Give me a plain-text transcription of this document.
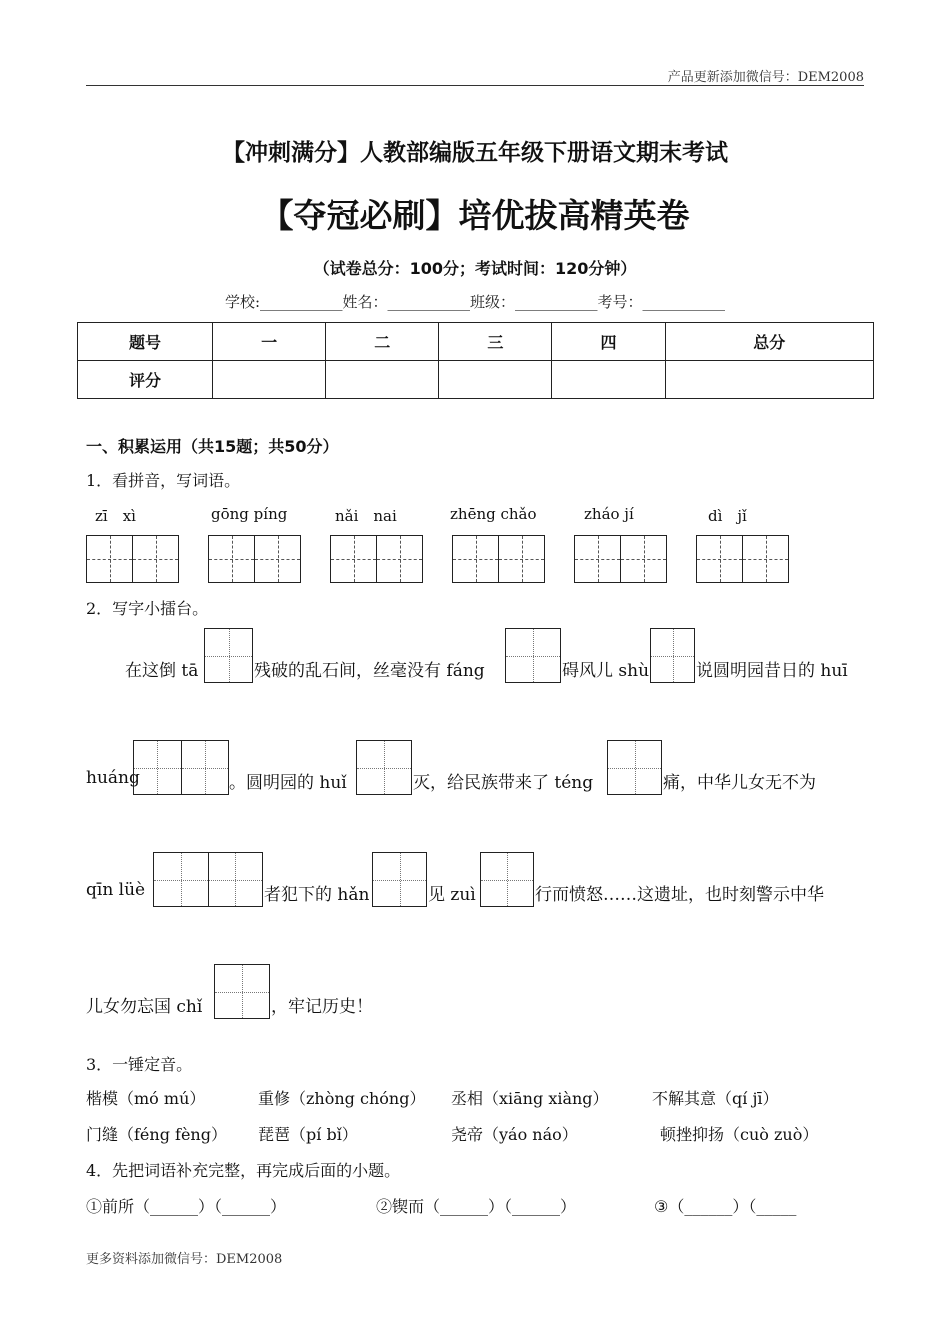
产品更新添加微信号：DEM2008
【冲刺满分】人教部编版五年级下册语文期末考试
【夺冠必刷】培优拔高精英卷
（试卷总分：100分；考试时间：120分钟）
学校:___________姓名：___________班级：___________考号：___________
题号	一	二	三	四	总分
评分					
一、积累运用（共15题；共50分）
1．看拼音，写词语。
zī　xì	gōng píng	nǎi　nai	zhēng chǎo	zháo jí	dì　jǐ
2．写字小擂台。
在这倒 tā	残破的乱石间，丝毫没有 fáng	碍风儿 shù	说圆明园昔日的 huī
huáng	。圆明园的 huǐ	灭，给民族带来了 téng	痛，中华儿女无不为
qīn lüè	者犯下的 hǎn	见 zuì	行而愤怒……这遗址，也时刻警示中华
儿女勿忘国 chǐ	，牢记历史！
3．一锤定音。
楷模（mó mú）	重修（zhòng chóng） 丞相（xiāng xiàng）	不解其意（qí jī）
门缝（féng fèng） 琵琶（pí bǐ）	尧帝（yáo náo）	顿挫抑扬（cuò zuò）
4．先把词语补充完整，再完成后面的小题。
①前所（______）（______）	②锲而（______）（______）	③（______）（_____
更多资料添加微信号：DEM2008
